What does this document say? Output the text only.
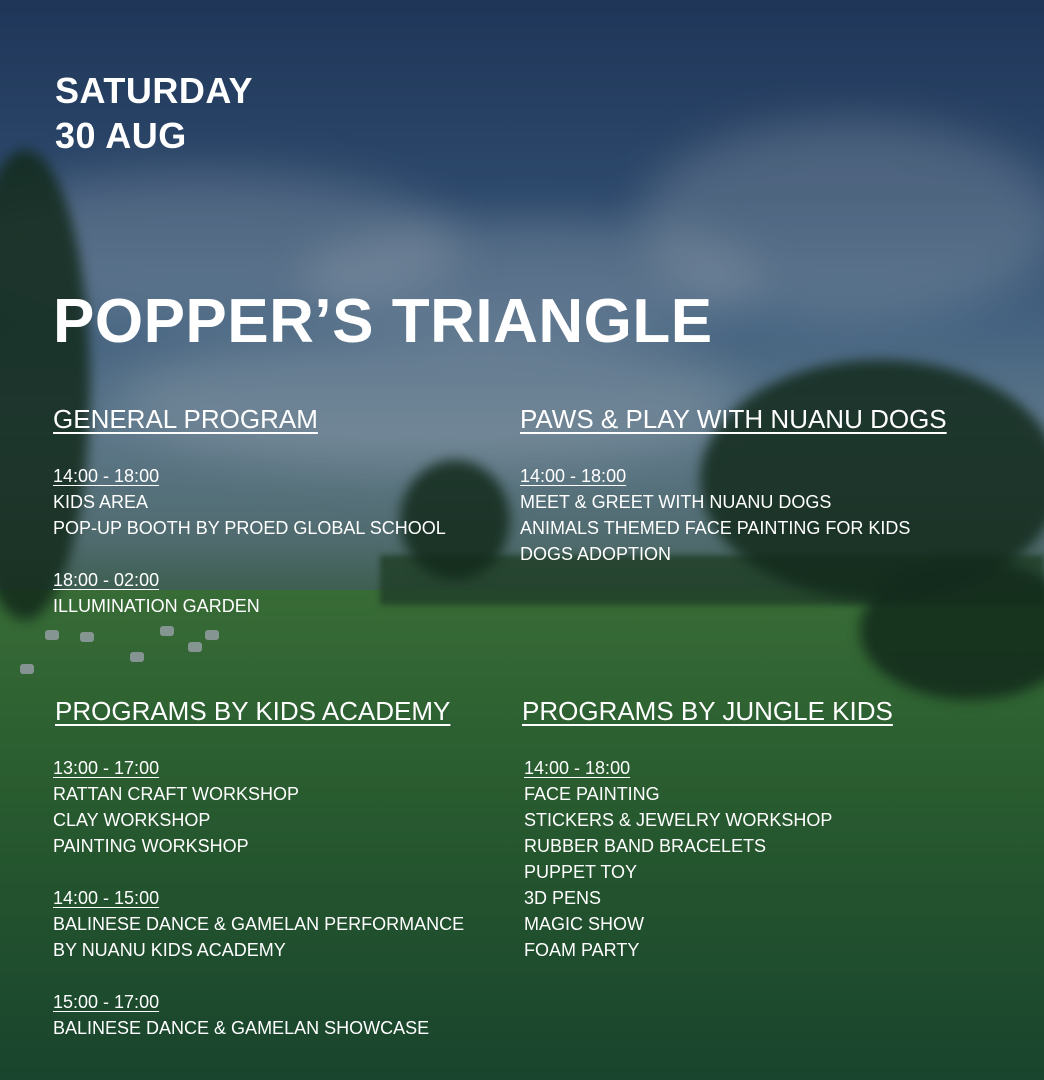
SATURDAY
30 AUG
POPPER’S TRIANGLE
GENERAL PROGRAM
14:00 - 18:00
KIDS AREA
POP-UP BOOTH BY PROED GLOBAL SCHOOL
18:00 - 02:00
ILLUMINATION GARDEN
PAWS & PLAY WITH NUANU DOGS
14:00 - 18:00
MEET & GREET WITH NUANU DOGS
ANIMALS THEMED FACE PAINTING FOR KIDS
DOGS ADOPTION
PROGRAMS BY KIDS ACADEMY
13:00 - 17:00
RATTAN CRAFT WORKSHOP
CLAY WORKSHOP
PAINTING WORKSHOP
14:00 - 15:00
BALINESE DANCE & GAMELAN PERFORMANCE
BY NUANU KIDS ACADEMY
15:00 - 17:00
BALINESE DANCE & GAMELAN SHOWCASE
PROGRAMS BY JUNGLE KIDS
14:00 - 18:00
FACE PAINTING
STICKERS & JEWELRY WORKSHOP
RUBBER BAND BRACELETS
PUPPET TOY
3D PENS
MAGIC SHOW
FOAM PARTY
